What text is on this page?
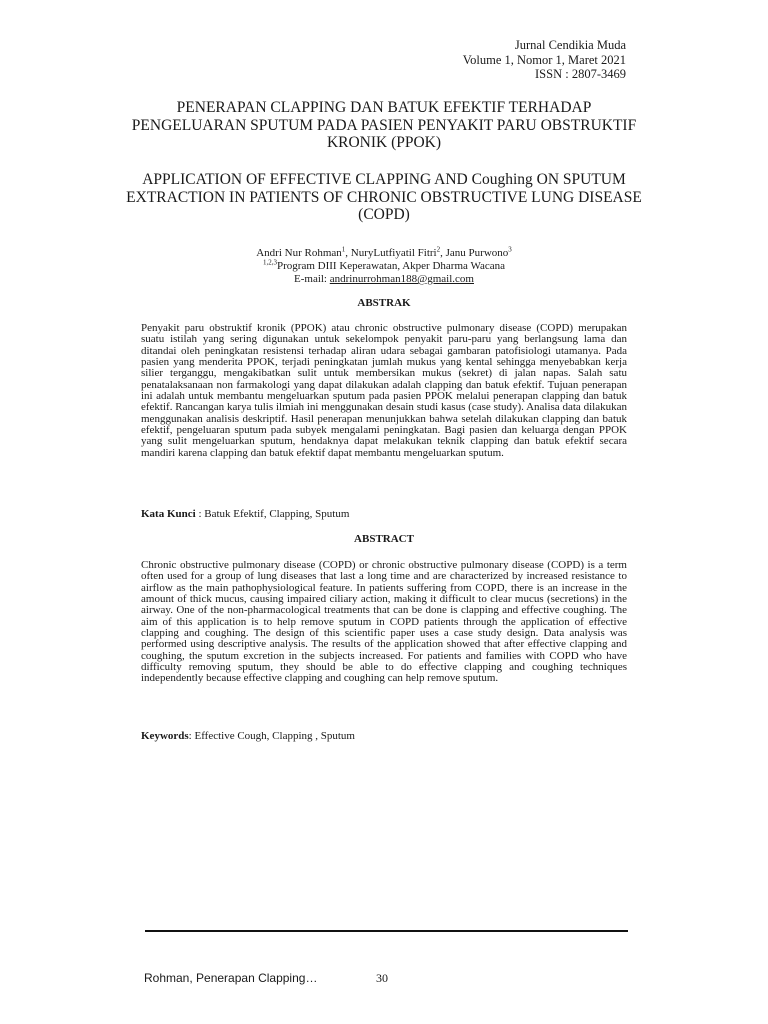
Jurnal Cendikia Muda
Volume 1, Nomor 1, Maret 2021
ISSN : 2807-3469
PENERAPAN CLAPPING DAN BATUK EFEKTIF TERHADAP PENGELUARAN SPUTUM PADA PASIEN PENYAKIT PARU OBSTRUKTIF KRONIK (PPOK)
APPLICATION OF EFFECTIVE CLAPPING AND Coughing ON SPUTUM EXTRACTION IN PATIENTS OF CHRONIC OBSTRUCTIVE LUNG DISEASE (COPD)
Andri Nur Rohman$^1$, NuryLutfiyatil Fitri$^2$, Janu Purwono$^3$
$^{1,2,3}$Program DIII Keperawatan, Akper Dharma Wacana
E-mail: andrinurrohman188@gmail.com
ABSTRAK

Penyakit paru obstruktif kronik (PPOK) atau chronic obstructive pulmonary disease (COPD) merupakan suatu istilah yang sering digunakan untuk sekelompok penyakit paru-paru yang berlangsung lama dan ditandai oleh peningkatan resistensi terhadap aliran udara sebagai gambaran patofisiologi utamanya. Pada pasien yang menderita PPOK, terjadi peningkatan jumlah mukus yang kental sehingga menyebabkan kerja silier terganggu, mengakibatkan sulit untuk membersikan mukus (sekret) di jalan napas. Salah satu penatalaksanaan non farmakologi yang dapat dilakukan adalah clapping dan batuk efektif. Tujuan penerapan ini adalah untuk membantu mengeluarkan sputum pada pasien PPOK melalui penerapan clapping dan batuk efektif. Rancangan karya tulis ilmiah ini menggunakan desain studi kasus (case study). Analisa data dilakukan menggunakan analisis deskriptif. Hasil penerapan menunjukkan bahwa setelah dilakukan clapping dan batuk efektif, pengeluaran sputum pada subyek mengalami peningkatan. Bagi pasien dan keluarga dengan PPOK yang sulit mengeluarkan sputum, hendaknya dapat melakukan teknik clapping dan batuk efektif secara mandiri karena clapping dan batuk efektif dapat membantu mengeluarkan sputum.

Kata Kunci : Batuk Efektif, Clapping, Sputum
ABSTRACT

Chronic obstructive pulmonary disease (COPD) or chronic obstructive pulmonary disease (COPD) is a term often used for a group of lung diseases that last a long time and are characterized by increased resistance to airflow as the main pathophysiological feature. In patients suffering from COPD, there is an increase in the amount of thick mucus, causing impaired ciliary action, making it difficult to clear mucus (secretions) in the airway. One of the non-pharmacological treatments that can be done is clapping and effective coughing. The aim of this application is to help remove sputum in COPD patients through the application of effective clapping and coughing. The design of this scientific paper uses a case study design. Data analysis was performed using descriptive analysis. The results of the application showed that after effective clapping and coughing, the sputum excretion in the subjects increased. For patients and families with COPD who have difficulty removing sputum, they should be able to do effective clapping and coughing techniques independently because effective clapping and coughing can help remove sputum.

Keywords: Effective Cough, Clapping , Sputum
Rohman, Penerapan Clapping…	30
